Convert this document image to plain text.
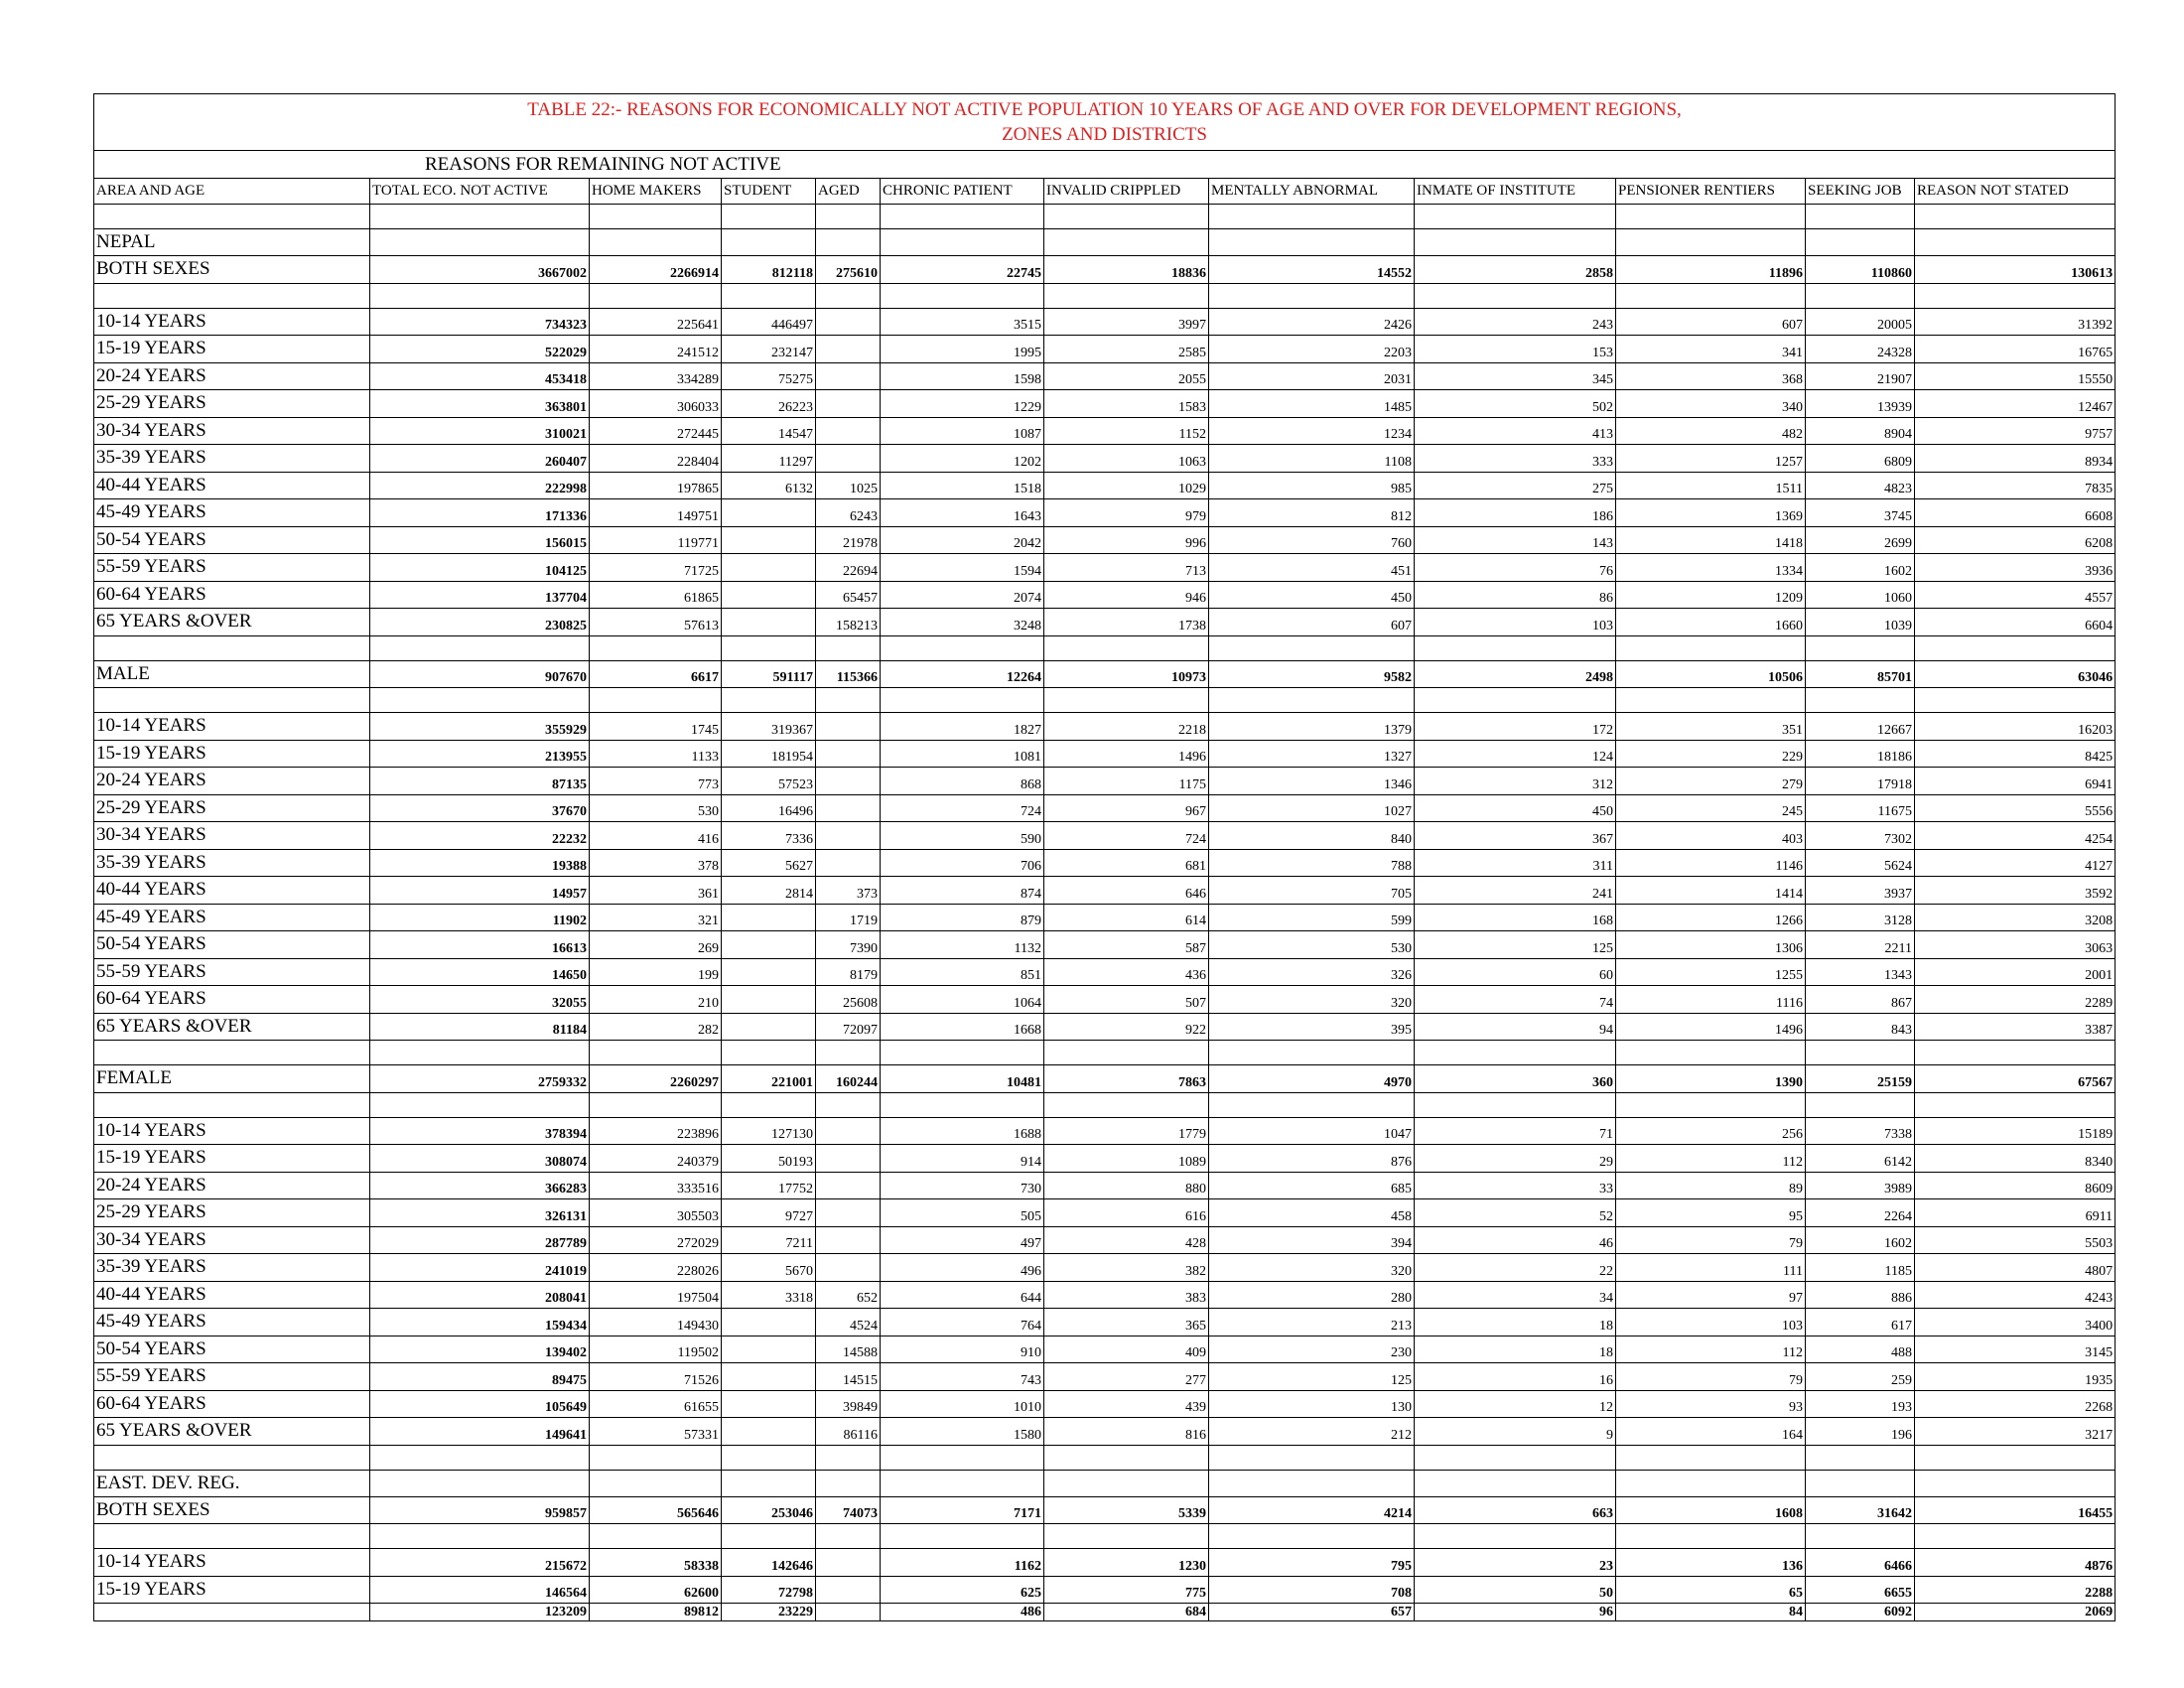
TABLE 22:- REASONS FOR ECONOMICALLY NOT ACTIVE POPULATION 10 YEARS OF AGE AND OVER FOR DEVELOPMENT REGIONS,
ZONES AND DISTRICTS											

REASONS FOR REMAINING NOT ACTIVE											
AREA AND AGE	TOTAL ECO. NOT ACTIVE	HOME MAKERS	STUDENT	AGED	CHRONIC PATIENT	INVALID CRIPPLED	MENTALLY ABNORMAL	INMATE OF INSTITUTE	PENSIONER RENTIERS	SEEKING JOB	REASON NOT STATED

NEPAL											
BOTH SEXES	3667002	2266914	812118	275610	22745	18836	14552	2858	11896	110860	130613

10-14 YEARS	734323	225641	446497		3515	3997	2426	243	607	20005	31392
15-19 YEARS	522029	241512	232147		1995	2585	2203	153	341	24328	16765
20-24 YEARS	453418	334289	75275		1598	2055	2031	345	368	21907	15550
25-29 YEARS	363801	306033	26223		1229	1583	1485	502	340	13939	12467
30-34 YEARS	310021	272445	14547		1087	1152	1234	413	482	8904	9757
35-39 YEARS	260407	228404	11297		1202	1063	1108	333	1257	6809	8934
40-44 YEARS	222998	197865	6132	1025	1518	1029	985	275	1511	4823	7835
45-49 YEARS	171336	149751		6243	1643	979	812	186	1369	3745	6608
50-54 YEARS	156015	119771		21978	2042	996	760	143	1418	2699	6208
55-59 YEARS	104125	71725		22694	1594	713	451	76	1334	1602	3936
60-64 YEARS	137704	61865		65457	2074	946	450	86	1209	1060	4557
65 YEARS &OVER	230825	57613		158213	3248	1738	607	103	1660	1039	6604

MALE	907670	6617	591117	115366	12264	10973	9582	2498	10506	85701	63046

10-14 YEARS	355929	1745	319367		1827	2218	1379	172	351	12667	16203
15-19 YEARS	213955	1133	181954		1081	1496	1327	124	229	18186	8425
20-24 YEARS	87135	773	57523		868	1175	1346	312	279	17918	6941
25-29 YEARS	37670	530	16496		724	967	1027	450	245	11675	5556
30-34 YEARS	22232	416	7336		590	724	840	367	403	7302	4254
35-39 YEARS	19388	378	5627		706	681	788	311	1146	5624	4127
40-44 YEARS	14957	361	2814	373	874	646	705	241	1414	3937	3592
45-49 YEARS	11902	321		1719	879	614	599	168	1266	3128	3208
50-54 YEARS	16613	269		7390	1132	587	530	125	1306	2211	3063
55-59 YEARS	14650	199		8179	851	436	326	60	1255	1343	2001
60-64 YEARS	32055	210		25608	1064	507	320	74	1116	867	2289
65 YEARS &OVER	81184	282		72097	1668	922	395	94	1496	843	3387

FEMALE	2759332	2260297	221001	160244	10481	7863	4970	360	1390	25159	67567

10-14 YEARS	378394	223896	127130		1688	1779	1047	71	256	7338	15189
15-19 YEARS	308074	240379	50193		914	1089	876	29	112	6142	8340
20-24 YEARS	366283	333516	17752		730	880	685	33	89	3989	8609
25-29 YEARS	326131	305503	9727		505	616	458	52	95	2264	6911
30-34 YEARS	287789	272029	7211		497	428	394	46	79	1602	5503
35-39 YEARS	241019	228026	5670		496	382	320	22	111	1185	4807
40-44 YEARS	208041	197504	3318	652	644	383	280	34	97	886	4243
45-49 YEARS	159434	149430		4524	764	365	213	18	103	617	3400
50-54 YEARS	139402	119502		14588	910	409	230	18	112	488	3145
55-59 YEARS	89475	71526		14515	743	277	125	16	79	259	1935
60-64 YEARS	105649	61655		39849	1010	439	130	12	93	193	2268
65 YEARS &OVER	149641	57331		86116	1580	816	212	9	164	196	3217

EAST. DEV. REG.											
BOTH SEXES	959857	565646	253046	74073	7171	5339	4214	663	1608	31642	16455

10-14 YEARS	215672	58338	142646		1162	1230	795	23	136	6466	4876
15-19 YEARS	146564	62600	72798		625	775	708	50	65	6655	2288
	123209	89812	23229		486	684	657	96	84	6092	2069
